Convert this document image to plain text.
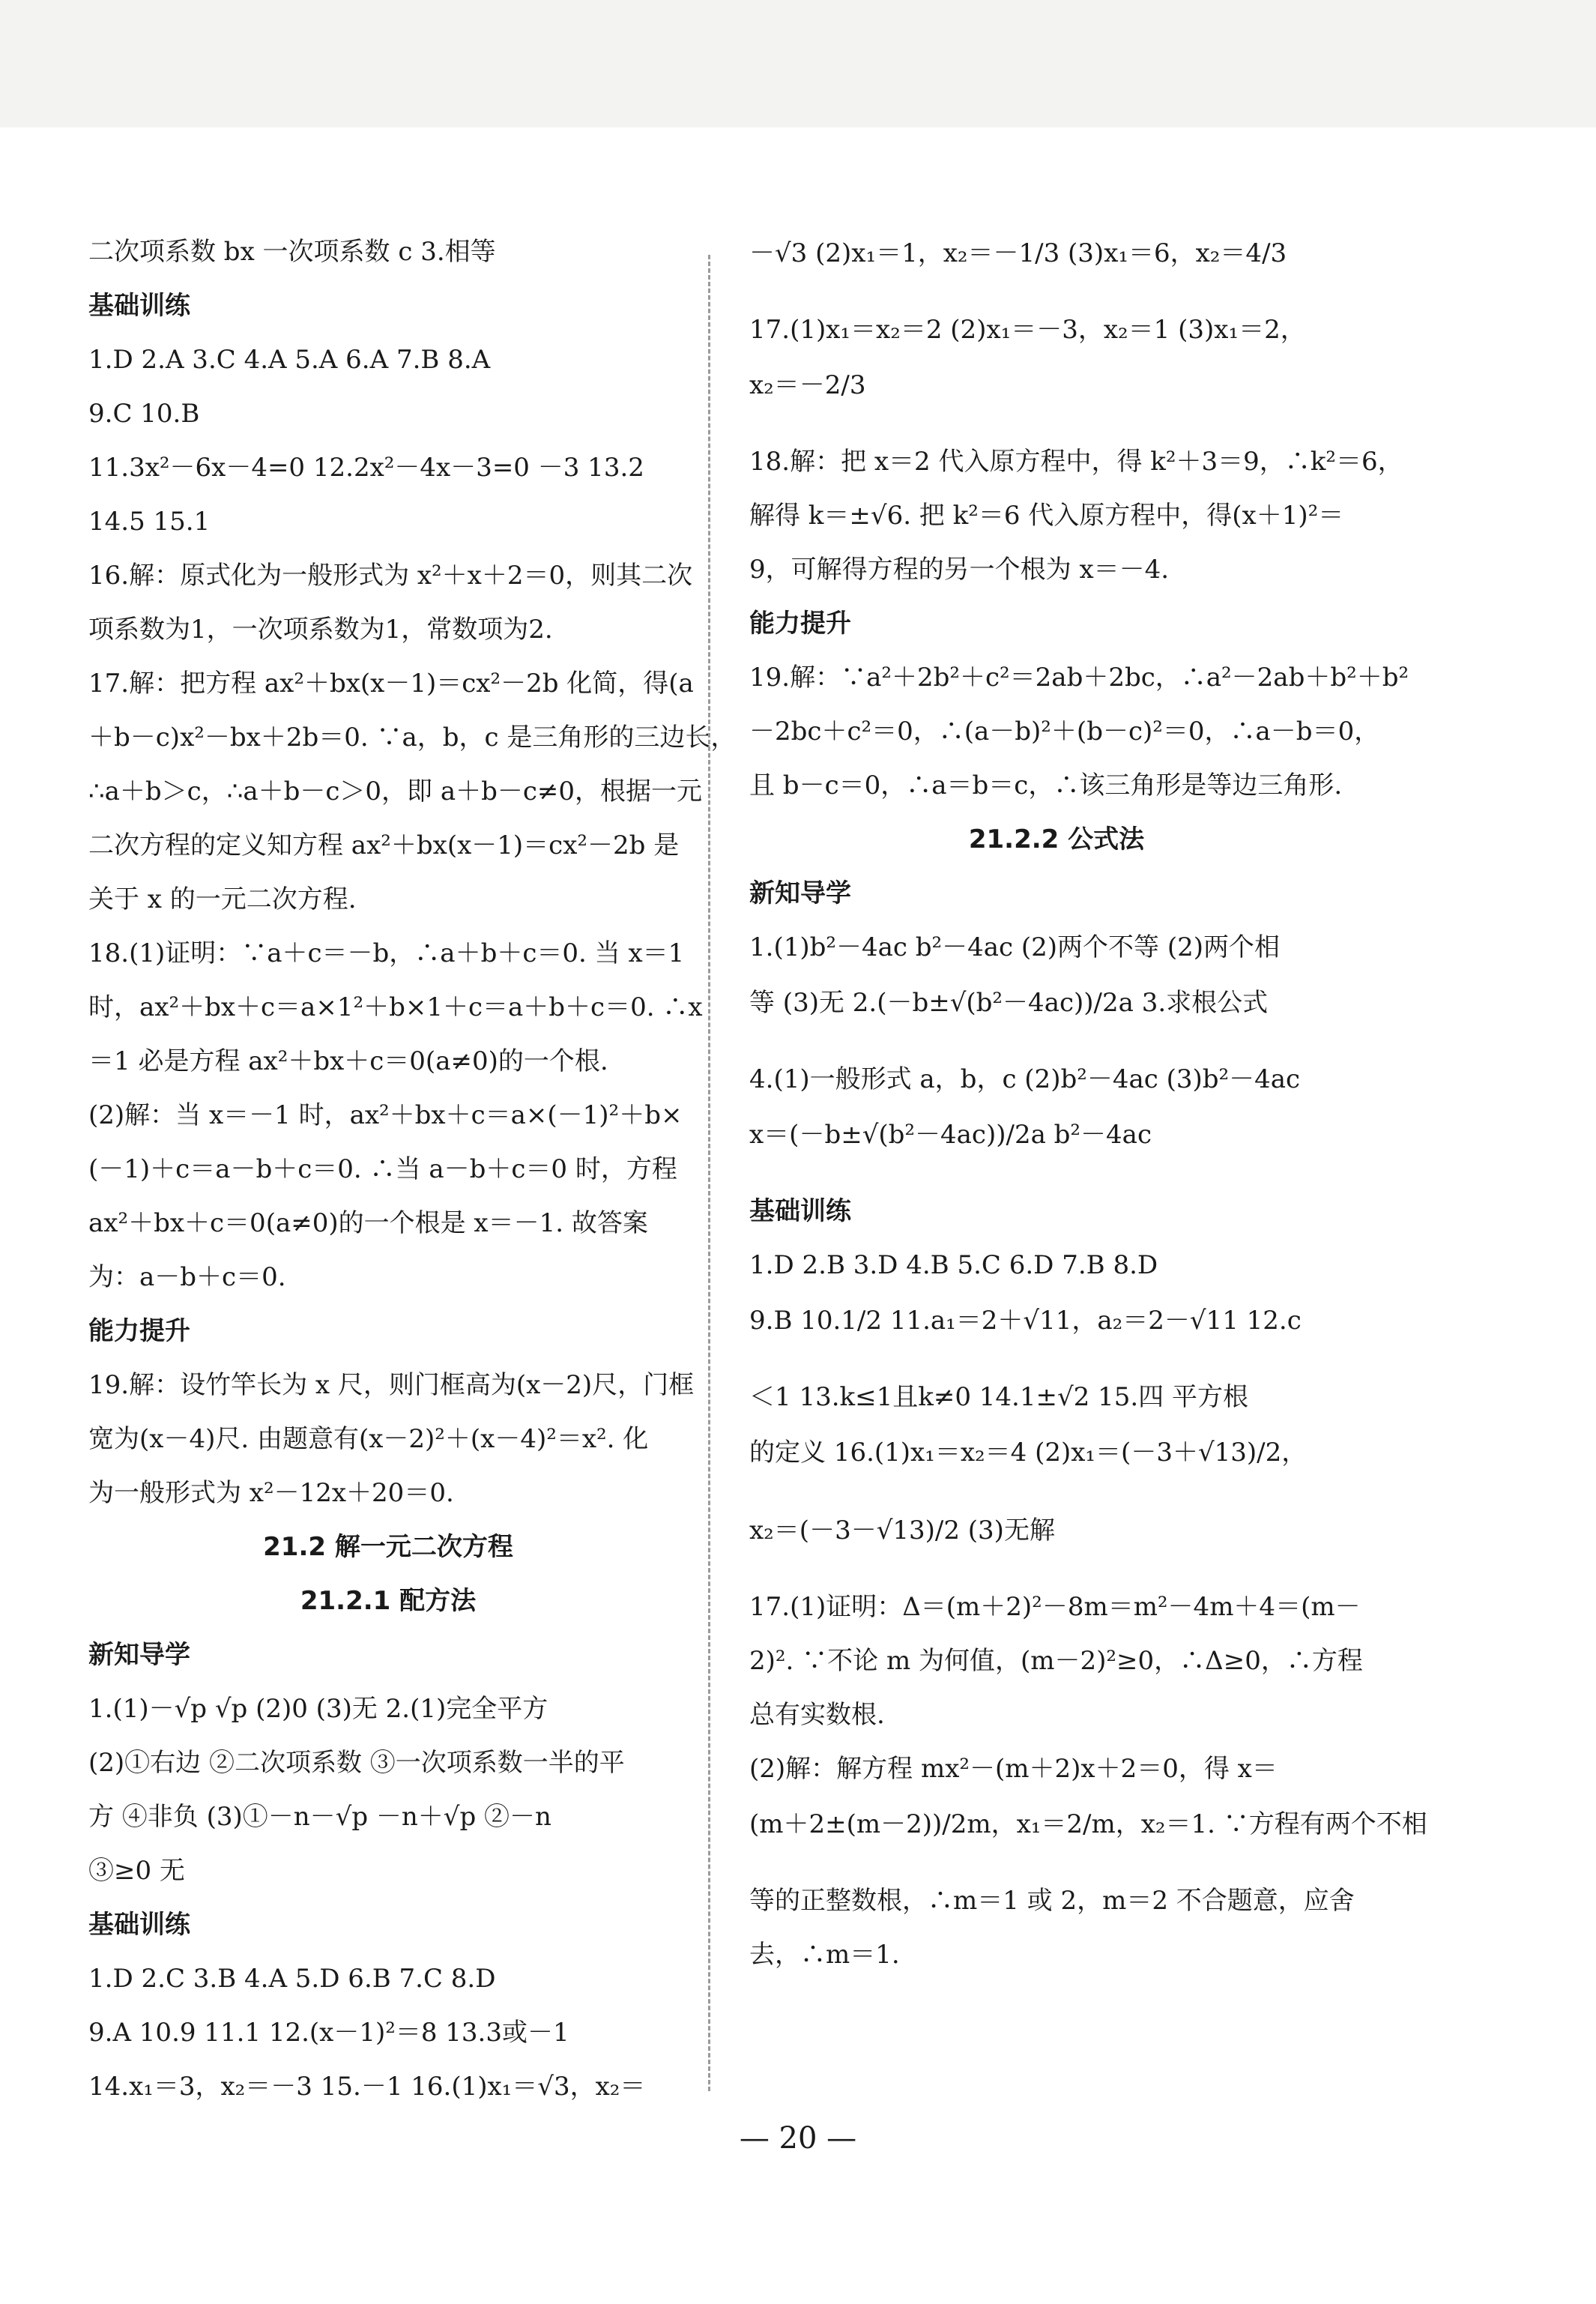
二次项系数 bx 一次项系数 c 3.相等
基础训练
1.D 2.A 3.C 4.A 5.A 6.A 7.B 8.A
9.C 10.B
11.3x²－6x－4=0 12.2x²－4x－3=0 －3 13.2
14.5 15.1
16.解：原式化为一般形式为 x²＋x＋2＝0，则其二次
项系数为1，一次项系数为1，常数项为2.
17.解：把方程 ax²＋bx(x－1)＝cx²－2b 化简，得(a
＋b－c)x²－bx＋2b＝0. ∵a，b，c 是三角形的三边长，
∴a＋b＞c，∴a＋b－c＞0，即 a＋b－c≠0，根据一元
二次方程的定义知方程 ax²＋bx(x－1)＝cx²－2b 是
关于 x 的一元二次方程.
18.(1)证明：∵a＋c＝－b，∴a＋b＋c＝0. 当 x＝1
时，ax²＋bx＋c＝a×1²＋b×1＋c＝a＋b＋c＝0. ∴x
＝1 必是方程 ax²＋bx＋c＝0(a≠0)的一个根.
(2)解：当 x＝－1 时，ax²＋bx＋c＝a×(－1)²＋b×
(－1)＋c＝a－b＋c＝0. ∴当 a－b＋c＝0 时，方程
ax²＋bx＋c＝0(a≠0)的一个根是 x＝－1. 故答案
为：a－b＋c＝0.
能力提升
19.解：设竹竿长为 x 尺，则门框高为(x－2)尺，门框
宽为(x－4)尺. 由题意有(x－2)²＋(x－4)²＝x². 化
为一般形式为 x²－12x＋20＝0.
21.2 解一元二次方程
21.2.1 配方法
新知导学
1.(1)－√p √p (2)0 (3)无 2.(1)完全平方
(2)①右边 ②二次项系数 ③一次项系数一半的平
方 ④非负 (3)①－n－√p －n＋√p ②－n
③≥0 无
基础训练
1.D 2.C 3.B 4.A 5.D 6.B 7.C 8.D
9.A 10.9 11.1 12.(x－1)²＝8 13.3或－1
14.x₁＝3，x₂＝－3 15.－1 16.(1)x₁＝√3，x₂＝
－√3 (2)x₁＝1，x₂＝－1/3 (3)x₁＝6，x₂＝4/3
17.(1)x₁＝x₂＝2 (2)x₁＝－3，x₂＝1 (3)x₁＝2，
x₂＝－2/3
18.解：把 x＝2 代入原方程中，得 k²＋3＝9，∴k²＝6，
解得 k＝±√6. 把 k²＝6 代入原方程中，得(x＋1)²＝
9，可解得方程的另一个根为 x＝－4.
能力提升
19.解：∵a²＋2b²＋c²＝2ab＋2bc，∴a²－2ab＋b²＋b²
－2bc＋c²＝0，∴(a－b)²＋(b－c)²＝0，∴a－b＝0，
且 b－c＝0，∴a＝b＝c，∴该三角形是等边三角形.
21.2.2 公式法
新知导学
1.(1)b²－4ac b²－4ac (2)两个不等 (2)两个相
等 (3)无 2.(－b±√(b²－4ac))/2a 3.求根公式
4.(1)一般形式 a，b，c (2)b²－4ac (3)b²－4ac
x＝(－b±√(b²－4ac))/2a b²－4ac
基础训练
1.D 2.B 3.D 4.B 5.C 6.D 7.B 8.D
9.B 10.1/2 11.a₁＝2＋√11，a₂＝2－√11 12.c
＜1 13.k≤1且k≠0 14.1±√2 15.四 平方根
的定义 16.(1)x₁＝x₂＝4 (2)x₁＝(－3＋√13)/2，
x₂＝(－3－√13)/2 (3)无解
17.(1)证明：Δ＝(m＋2)²－8m＝m²－4m＋4＝(m－
2)². ∵不论 m 为何值，(m－2)²≥0，∴Δ≥0，∴方程
总有实数根.
(2)解：解方程 mx²－(m＋2)x＋2＝0，得 x＝
(m＋2±(m－2))/2m，x₁＝2/m，x₂＝1. ∵方程有两个不相
等的正整数根，∴m＝1 或 2，m＝2 不合题意，应舍
去，∴m＝1.
— 20 —
